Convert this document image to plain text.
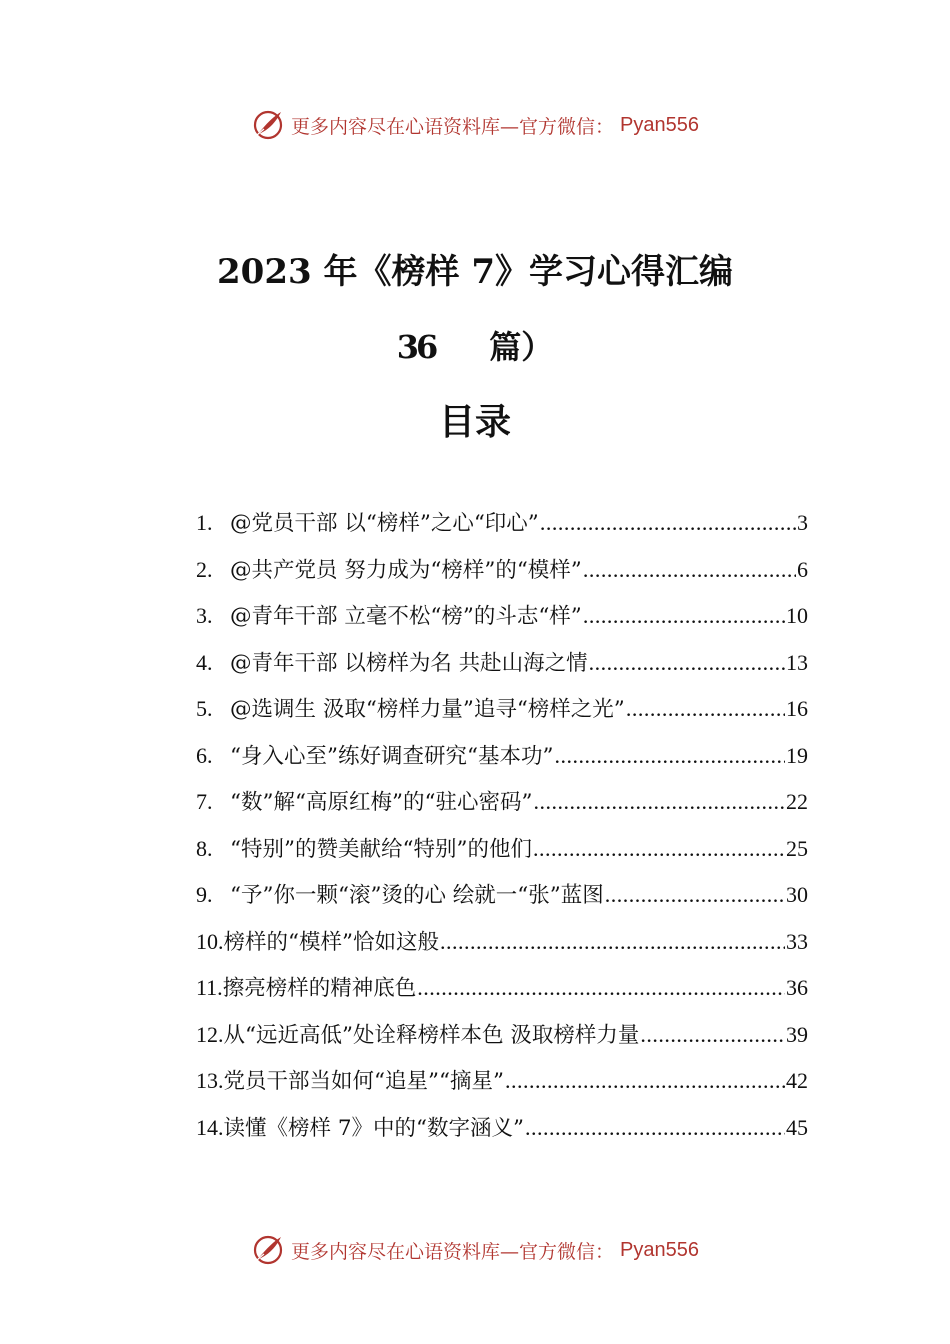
更多内容尽在心语资料库—官方微信： Pyan556
2023 年《榜样 7》学习心得汇编
36 篇）
目录
1. @党员干部 以“榜样”之心“印心” .....	3
2. @共产党员 努力成为“榜样”的“模样” .....	6
3. @青年干部 立毫不松“榜”的斗志“样” .....	10
4. @青年干部 以榜样为名 共赴山海之情 .....	13
5. @选调生 汲取“榜样力量”追寻“榜样之光” .....	16
6. “身入心至”练好调查研究“基本功” .....	19
7. “数”解“高原红梅”的“驻心密码” .....	22
8. “特别”的赞美献给“特别”的他们 .....	25
9. “予”你一颗“滚”烫的心 绘就一“张”蓝图 .....	30
10. 榜样的“模样”恰如这般 .....	33
11. 擦亮榜样的精神底色 .....	36
12. 从“远近高低”处诠释榜样本色 汲取榜样力量 .....	39
13. 党员干部当如何“追星”“摘星” .....	42
14. 读懂《榜样 7》中的“数字涵义” .....	45
更多内容尽在心语资料库—官方微信： Pyan556
